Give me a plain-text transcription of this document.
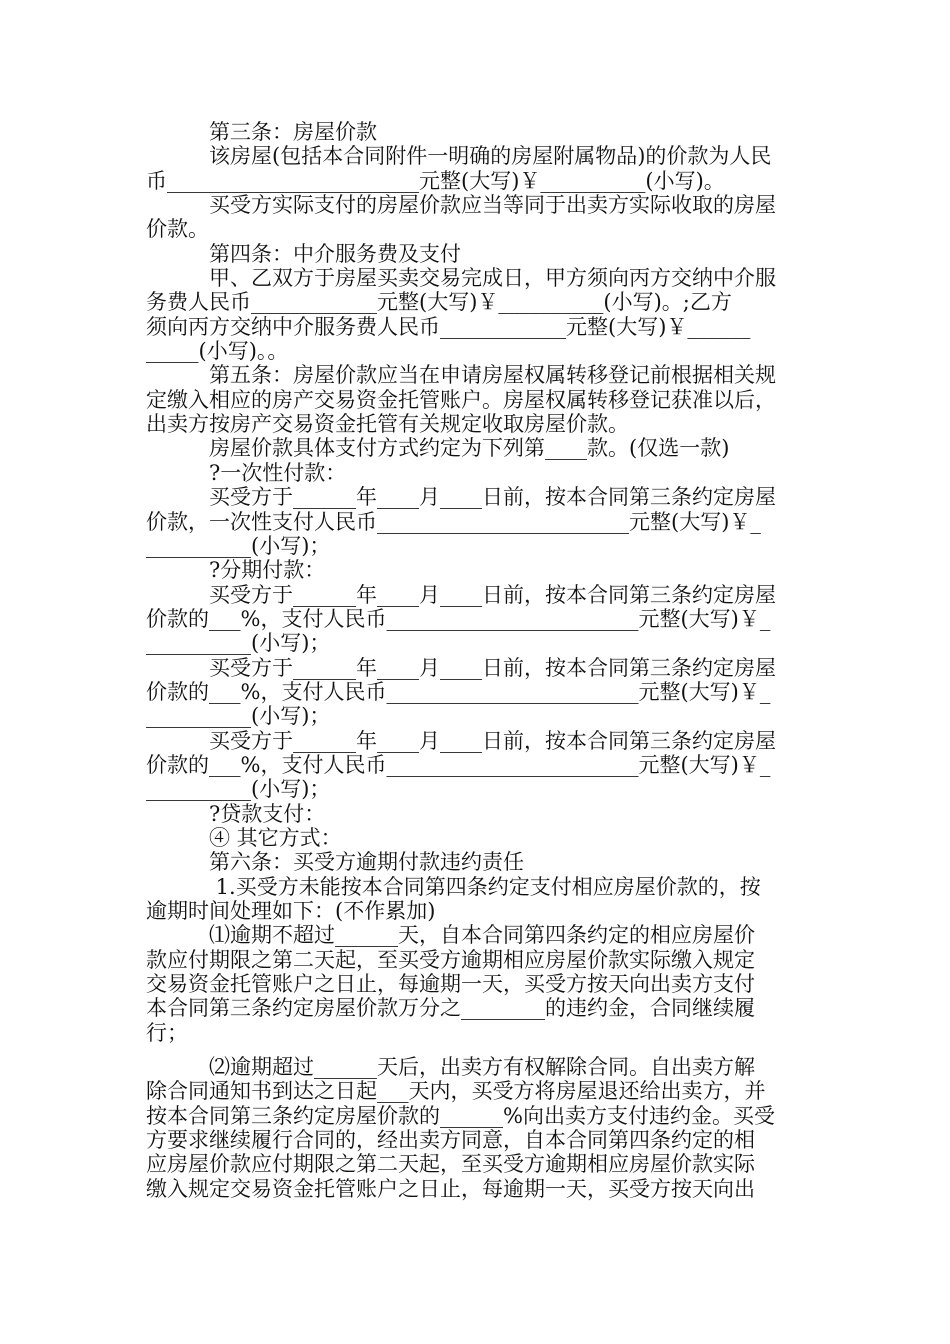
　　　第三条：房屋价款
　　　该房屋(包括本合同附件一明确的房屋附属物品)的价款为人民
币________________________元整(大写)￥__________(小写)。
　　　买受方实际支付的房屋价款应当等同于出卖方实际收取的房屋
价款。
　　　第四条：中介服务费及支付
　　　甲、乙双方于房屋买卖交易完成日，甲方须向丙方交纳中介服
务费人民币____________元整(大写)￥__________(小写)。;乙方
须向丙方交纳中介服务费人民币____________元整(大写)￥______
_____(小写)。。
　　　第五条：房屋价款应当在申请房屋权属转移登记前根据相关规
定缴入相应的房产交易资金托管账户。房屋权属转移登记获准以后，
出卖方按房产交易资金托管有关规定收取房屋价款。
　　　房屋价款具体支付方式约定为下列第____款。(仅选一款)
　　　?一次性付款：
　　　买受方于______年____月____日前，按本合同第三条约定房屋
价款，一次性支付人民币________________________元整(大写)￥_
__________(小写)；
　　　?分期付款：
　　　买受方于______年____月____日前，按本合同第三条约定房屋
价款的___%，支付人民币________________________元整(大写)￥_
__________(小写)；
　　　买受方于______年____月____日前，按本合同第三条约定房屋
价款的___%，支付人民币________________________元整(大写)￥_
__________(小写)；
　　　买受方于______年____月____日前，按本合同第三条约定房屋
价款的___%，支付人民币________________________元整(大写)￥_
__________(小写)；
　　　?贷款支付：
　　　④ 其它方式：
　　　第六条：买受方逾期付款违约责任
　　　 1.买受方未能按本合同第四条约定支付相应房屋价款的，按
逾期时间处理如下：(不作累加)
　　　⑴逾期不超过______天，自本合同第四条约定的相应房屋价
款应付期限之第二天起，至买受方逾期相应房屋价款实际缴入规定
交易资金托管账户之日止，每逾期一天，买受方按天向出卖方支付
本合同第三条约定房屋价款万分之________的违约金，合同继续履
行；
　　　⑵逾期超过______天后，出卖方有权解除合同。自出卖方解
除合同通知书到达之日起___天内，买受方将房屋退还给出卖方，并
按本合同第三条约定房屋价款的______%向出卖方支付违约金。买受
方要求继续履行合同的，经出卖方同意，自本合同第四条约定的相
应房屋价款应付期限之第二天起，至买受方逾期相应房屋价款实际
缴入规定交易资金托管账户之日止，每逾期一天，买受方按天向出
